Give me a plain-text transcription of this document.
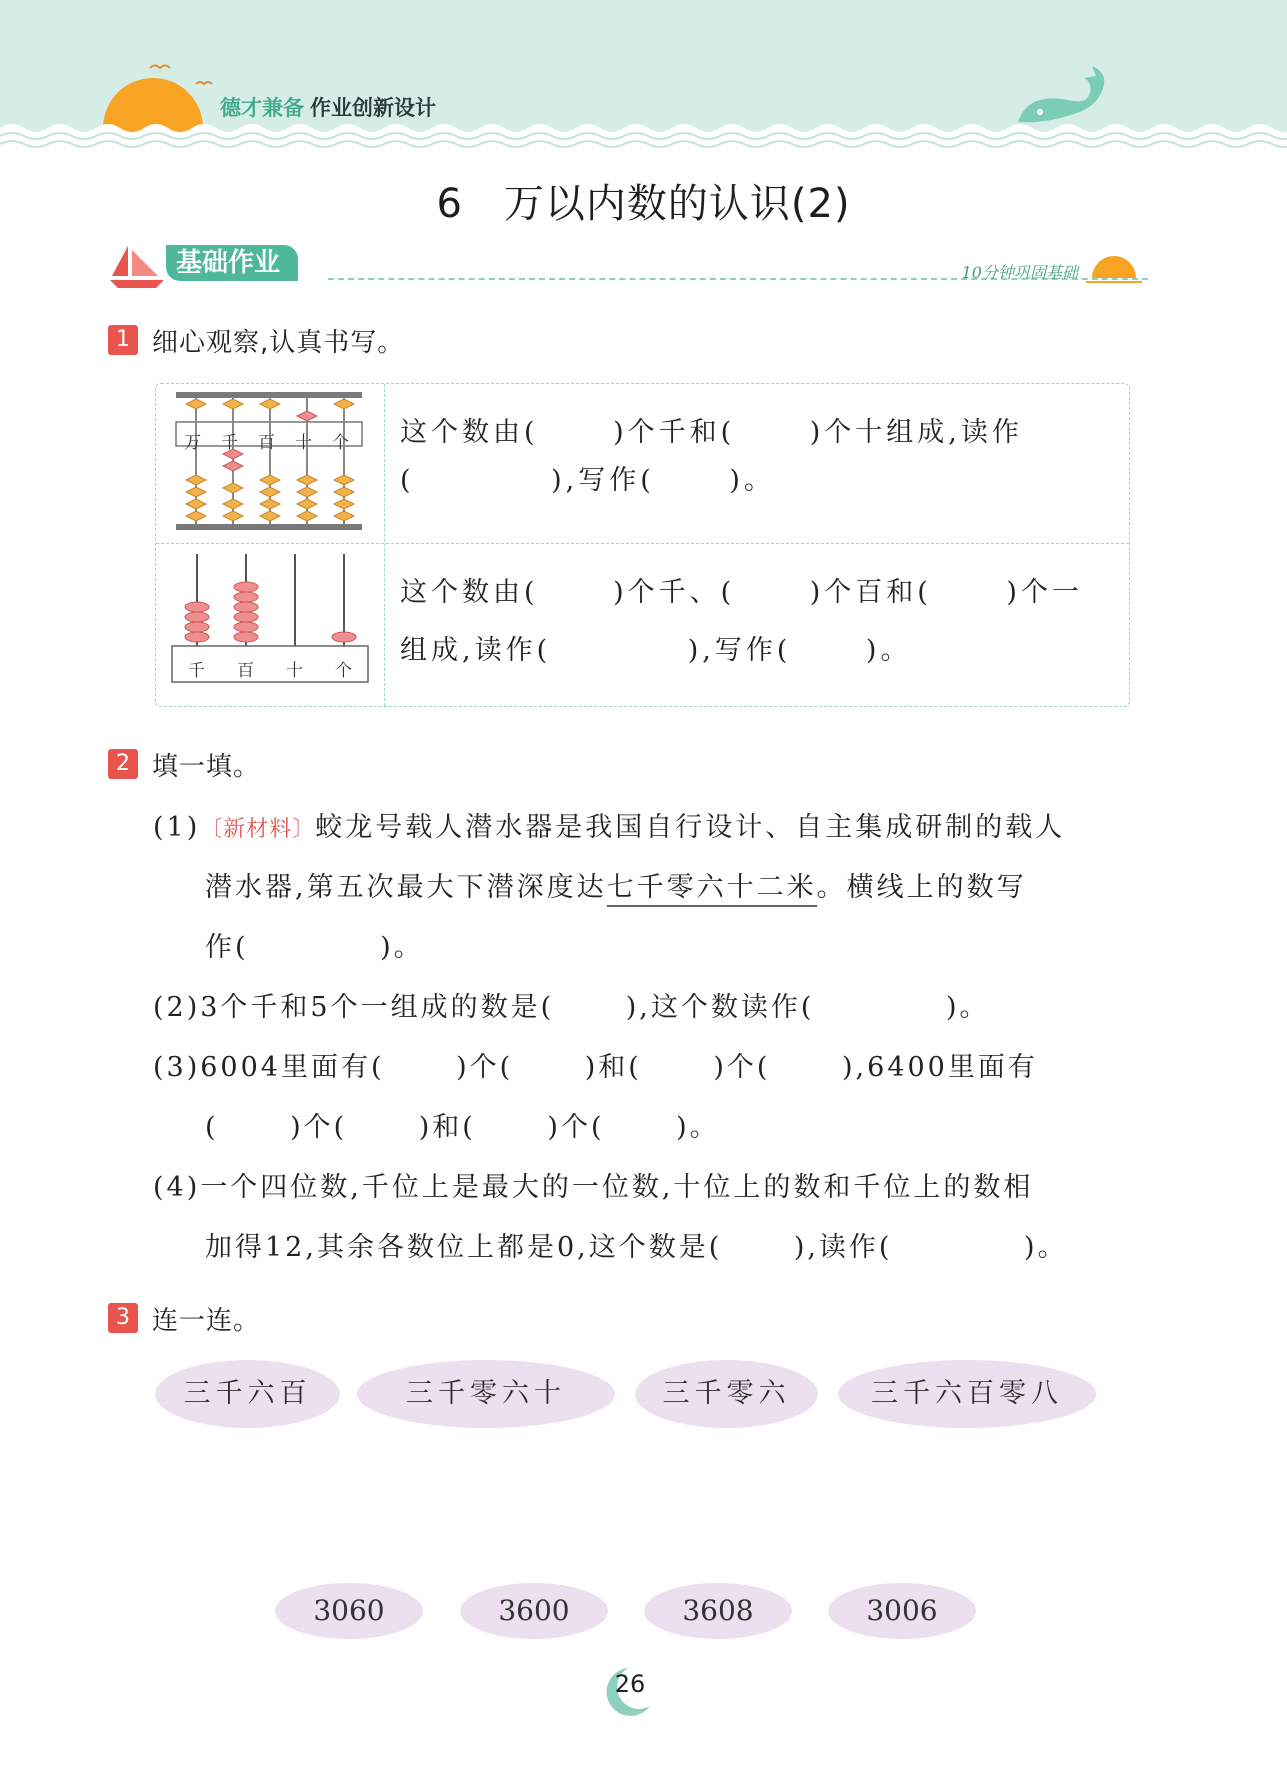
德才兼备 作业创新设计
6　万以内数的认识(2)
基础作业	10分钟巩固基础
1 细心观察,认真书写。
万 千 百 十 个 这个数由(　　 )个千和(　　 )个十组成,读作
(　　　　 ),写作(　　 )。
千 百 十 个
这个数由(　　 )个千、(　　 )个百和(　　 )个一
组成,读作(　　　　 ),写作(　　 )。
2 填一填。
(1)〔新材料〕蛟龙号载人潜水器是我国自行设计、自主集成研制的载人
潜水器,第五次最大下潜深度达七千零六十二米。横线上的数写
作(　　　　 )。
(2)3个千和5个一组成的数是(　　 ),这个数读作(　　　　 )。
(3)6004里面有(　　 )个(　　 )和(　　 )个(　　 ),6400里面有
(　　 )个(　　 )和(　　 )个(　　 )。
(4)一个四位数,千位上是最大的一位数,十位上的数和千位上的数相
加得12,其余各数位上都是0,这个数是(　　 ),读作(　　　　 )。
3 连一连。
三千六百	三千零六十	三千零六	三千六百零八
3060	3600	3608	3006
26
